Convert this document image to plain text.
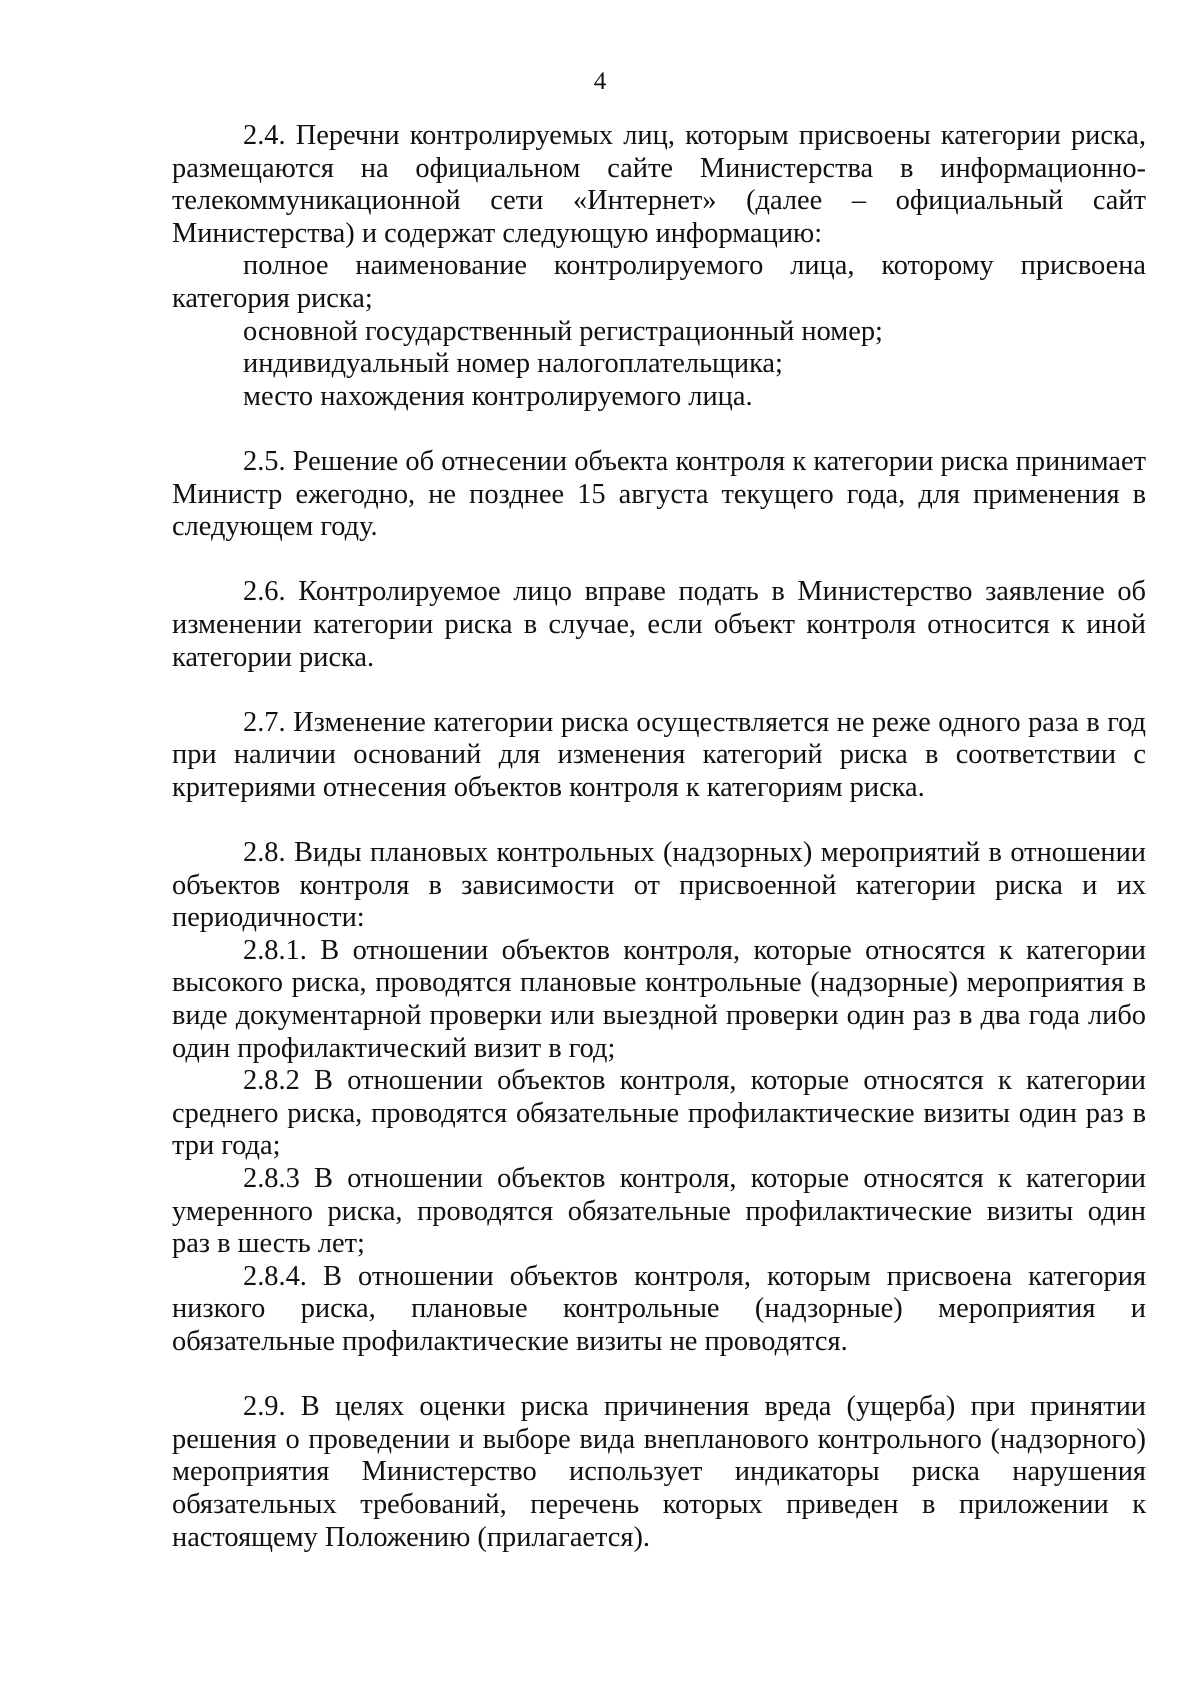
4

2.4. Перечни контролируемых лиц, которым присвоены категории риска, размещаются на официальном сайте Министерства в информационно-телекоммуникационной сети «Интернет» (далее – официальный сайт Министерства) и содержат следующую информацию:

полное наименование контролируемого лица, которому присвоена категория риска;

основной государственный регистрационный номер;

индивидуальный номер налогоплательщика;

место нахождения контролируемого лица.

2.5. Решение об отнесении объекта контроля к категории риска принимает Министр ежегодно, не позднее 15 августа текущего года, для применения в следующем году.

2.6. Контролируемое лицо вправе подать в Министерство заявление об изменении категории риска в случае, если объект контроля относится к иной категории риска.

2.7. Изменение категории риска осуществляется не реже одного раза в год при наличии оснований для изменения категорий риска в соответствии с критериями отнесения объектов контроля к категориям риска.

2.8. Виды плановых контрольных (надзорных) мероприятий в отношении объектов контроля в зависимости от присвоенной категории риска и их периодичности:

2.8.1. В отношении объектов контроля, которые относятся к категории высокого риска, проводятся плановые контрольные (надзорные) мероприятия в виде документарной проверки или выездной проверки один раз в два года либо один профилактический визит в год;

2.8.2 В отношении объектов контроля, которые относятся к категории среднего риска, проводятся обязательные профилактические визиты один раз в три года;

2.8.3 В отношении объектов контроля, которые относятся к категории умеренного риска, проводятся обязательные профилактические визиты один раз в шесть лет;

2.8.4. В отношении объектов контроля, которым присвоена категория низкого риска, плановые контрольные (надзорные) мероприятия и обязательные профилактические визиты не проводятся.

2.9. В целях оценки риска причинения вреда (ущерба) при принятии решения о проведении и выборе вида внепланового контрольного (надзорного) мероприятия Министерство использует индикаторы риска нарушения обязательных требований, перечень которых приведен в приложении к настоящему Положению (прилагается).
